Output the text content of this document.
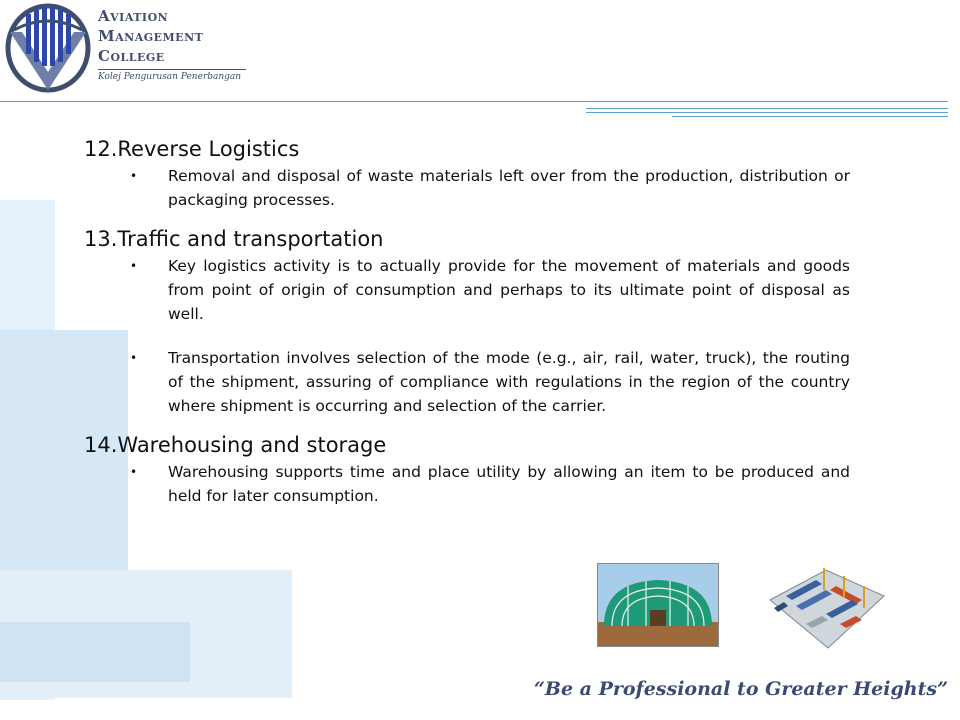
Aviation
Management
College
Kolej Pengurusan Penerbangan
12.Reverse Logistics
• Removal and disposal of waste materials left over from the production, distribution or packaging processes.
13.Traffic and transportation
• Key logistics activity is to actually provide for the movement of materials and goods from point of origin of consumption and perhaps to its ultimate point of disposal as well.
• Transportation involves selection of the mode (e.g., air, rail, water, truck), the routing of the shipment, assuring of compliance with regulations in the region of the country where shipment is occurring and selection of the carrier.
14.Warehousing and storage
• Warehousing supports time and place utility by allowing an item to be produced and held for later consumption.
“Be a Professional to Greater Heights”
